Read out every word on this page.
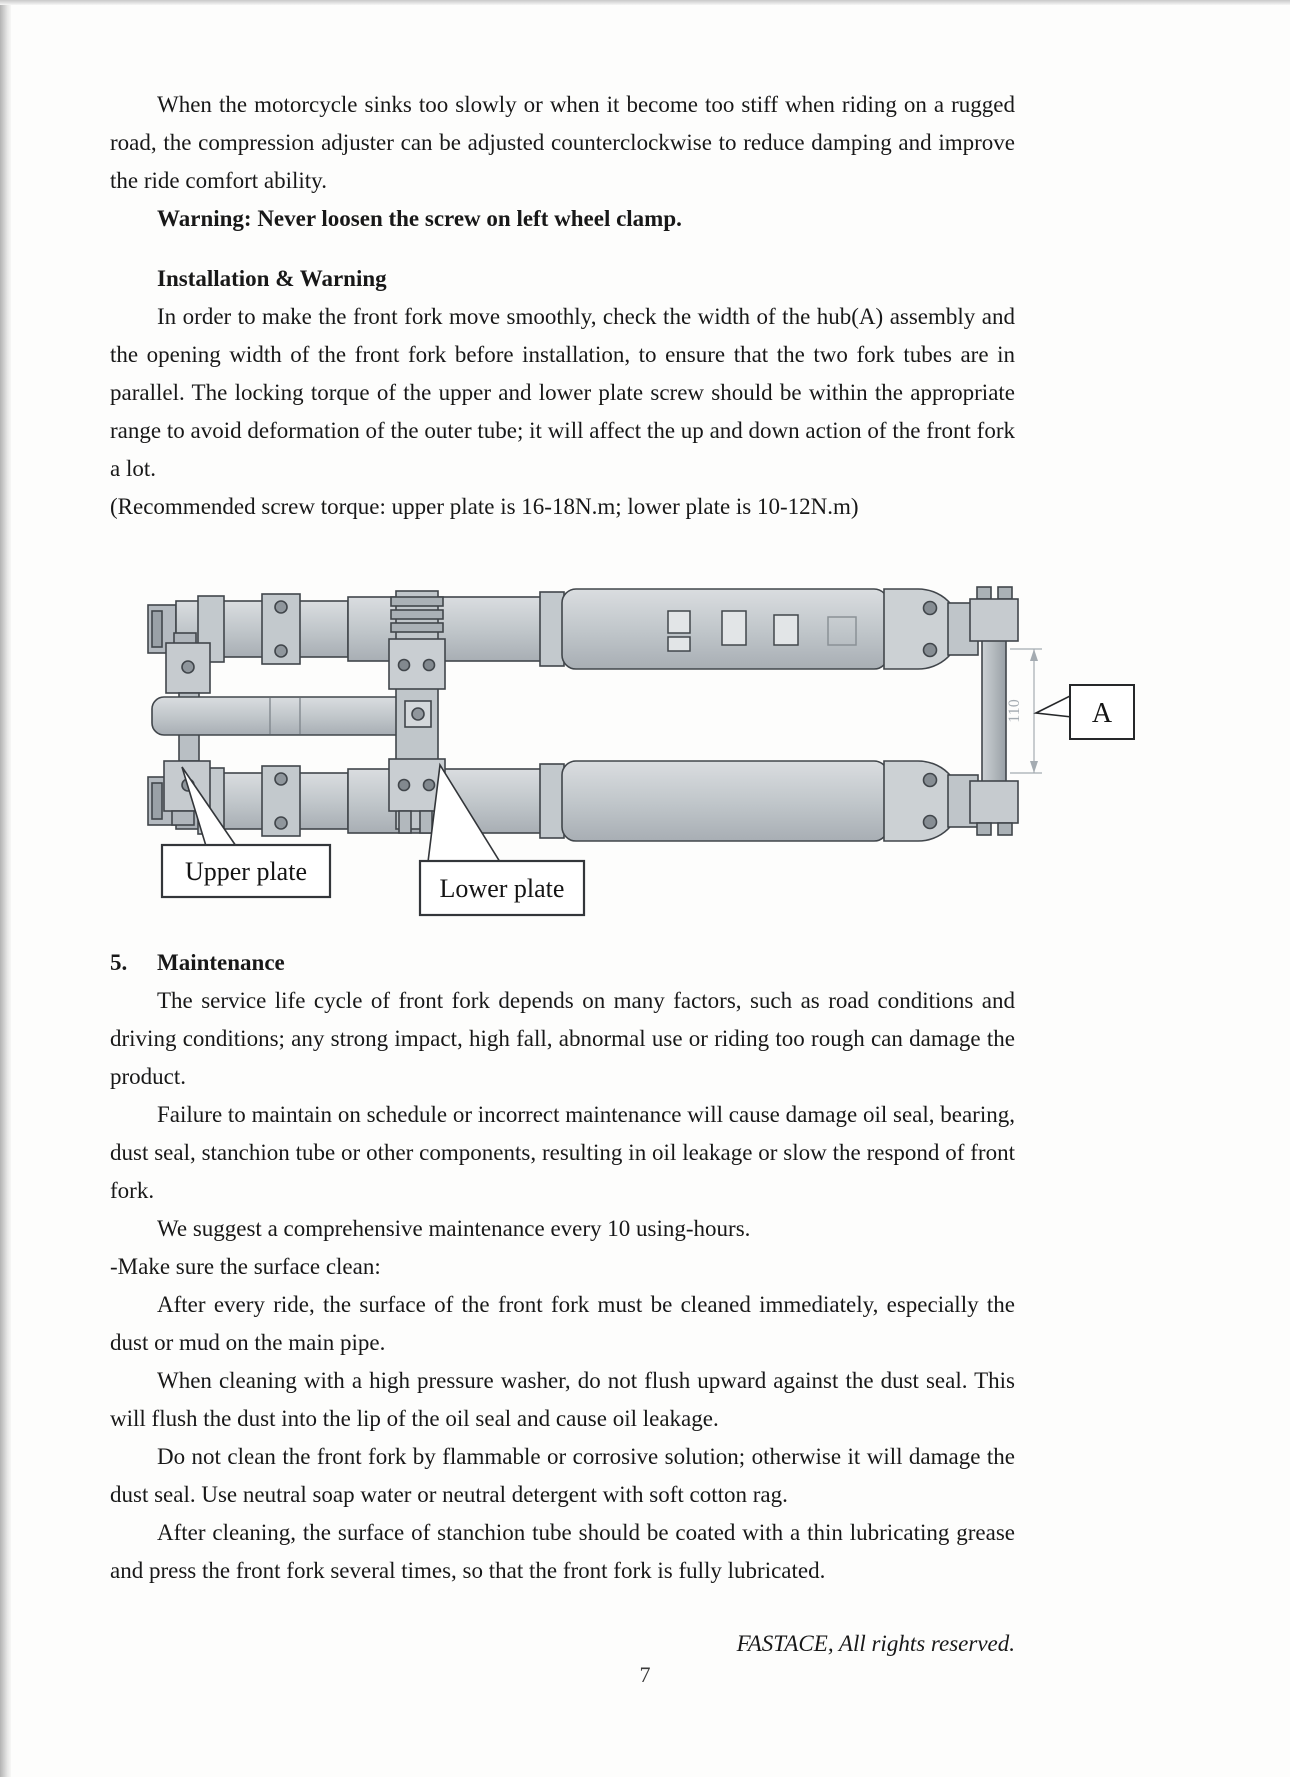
When the motorcycle sinks too slowly or when it become too stiff when riding on a rugged road, the compression adjuster can be adjusted counterclockwise to reduce damping and improve the ride comfort ability.

Warning: Never loosen the screw on left wheel clamp.

Installation & Warning

In order to make the front fork move smoothly, check the width of the hub(A) assembly and the opening width of the front fork before installation, to ensure that the two fork tubes are in parallel. The locking torque of the upper and lower plate screw should be within the appropriate range to avoid deformation of the outer tube; it will affect the up and down action of the front fork a lot.

(Recommended screw torque: upper plate is 16-18N.m; lower plate is 10-12N.m)

110 A
Upper plate
Lower plate
5. Maintenance

The service life cycle of front fork depends on many factors, such as road conditions and driving conditions; any strong impact, high fall, abnormal use or riding too rough can damage the product.

Failure to maintain on schedule or incorrect maintenance will cause damage oil seal, bearing, dust seal, stanchion tube or other components, resulting in oil leakage or slow the respond of front fork.

We suggest a comprehensive maintenance every 10 using-hours.

-Make sure the surface clean:

After every ride, the surface of the front fork must be cleaned immediately, especially the dust or mud on the main pipe.

When cleaning with a high pressure washer, do not flush upward against the dust seal. This will flush the dust into the lip of the oil seal and cause oil leakage.

Do not clean the front fork by flammable or corrosive solution; otherwise it will damage the dust seal. Use neutral soap water or neutral detergent with soft cotton rag.

After cleaning, the surface of stanchion tube should be coated with a thin lubricating grease and press the front fork several times, so that the front fork is fully lubricated.

FASTACE, All rights reserved.
7
